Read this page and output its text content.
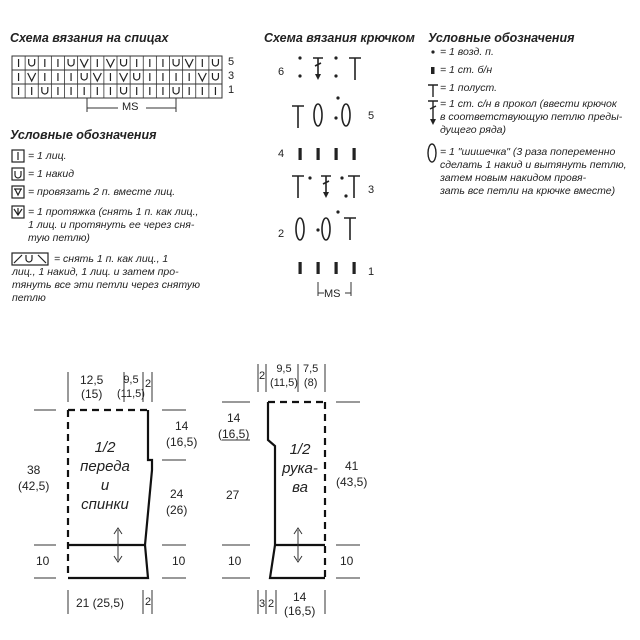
Схема вязания на спицах
5
3
1
MS
Условные обозначения
= 1 лиц.
= 1 накид
= провязать 2 п. вместе лиц.
= 1 протяжка (снять 1 п. как лиц.,
1 лиц. и протянуть ее через сня-
тую петлю)
= снять 1 п. как лиц., 1
лиц., 1 накид, 1 лиц. и затем про-
тянуть все эти петли через снятую
петлю
Схема вязания крючком
6
5
4
3
2
1
MS
Условные обозначения
= 1 возд. п.
= 1 ст. б/н
= 1 полуст.
= 1 ст. с/н в прокол (ввести крючок
в соответствующую петлю преды-
дущего ряда)
= 1 "шишечка" (3 раза попеременно сделать 1 накид и вытянуть петлю,
затем новым накидом провя-
зать все петли на крючке вместе)
1/2
переда
и
спинки
12,5
(15)
9,5
(11,5)
2
38
(42,5)
10
14
(16,5)
24
(26)
10
21 (25,5) 2
1/2
рука-
ва
2
9,5
(11,5)
7,5
(8)
14
(16,5)
27
10
41
(43,5)
10
3 2	14
(16,5)
